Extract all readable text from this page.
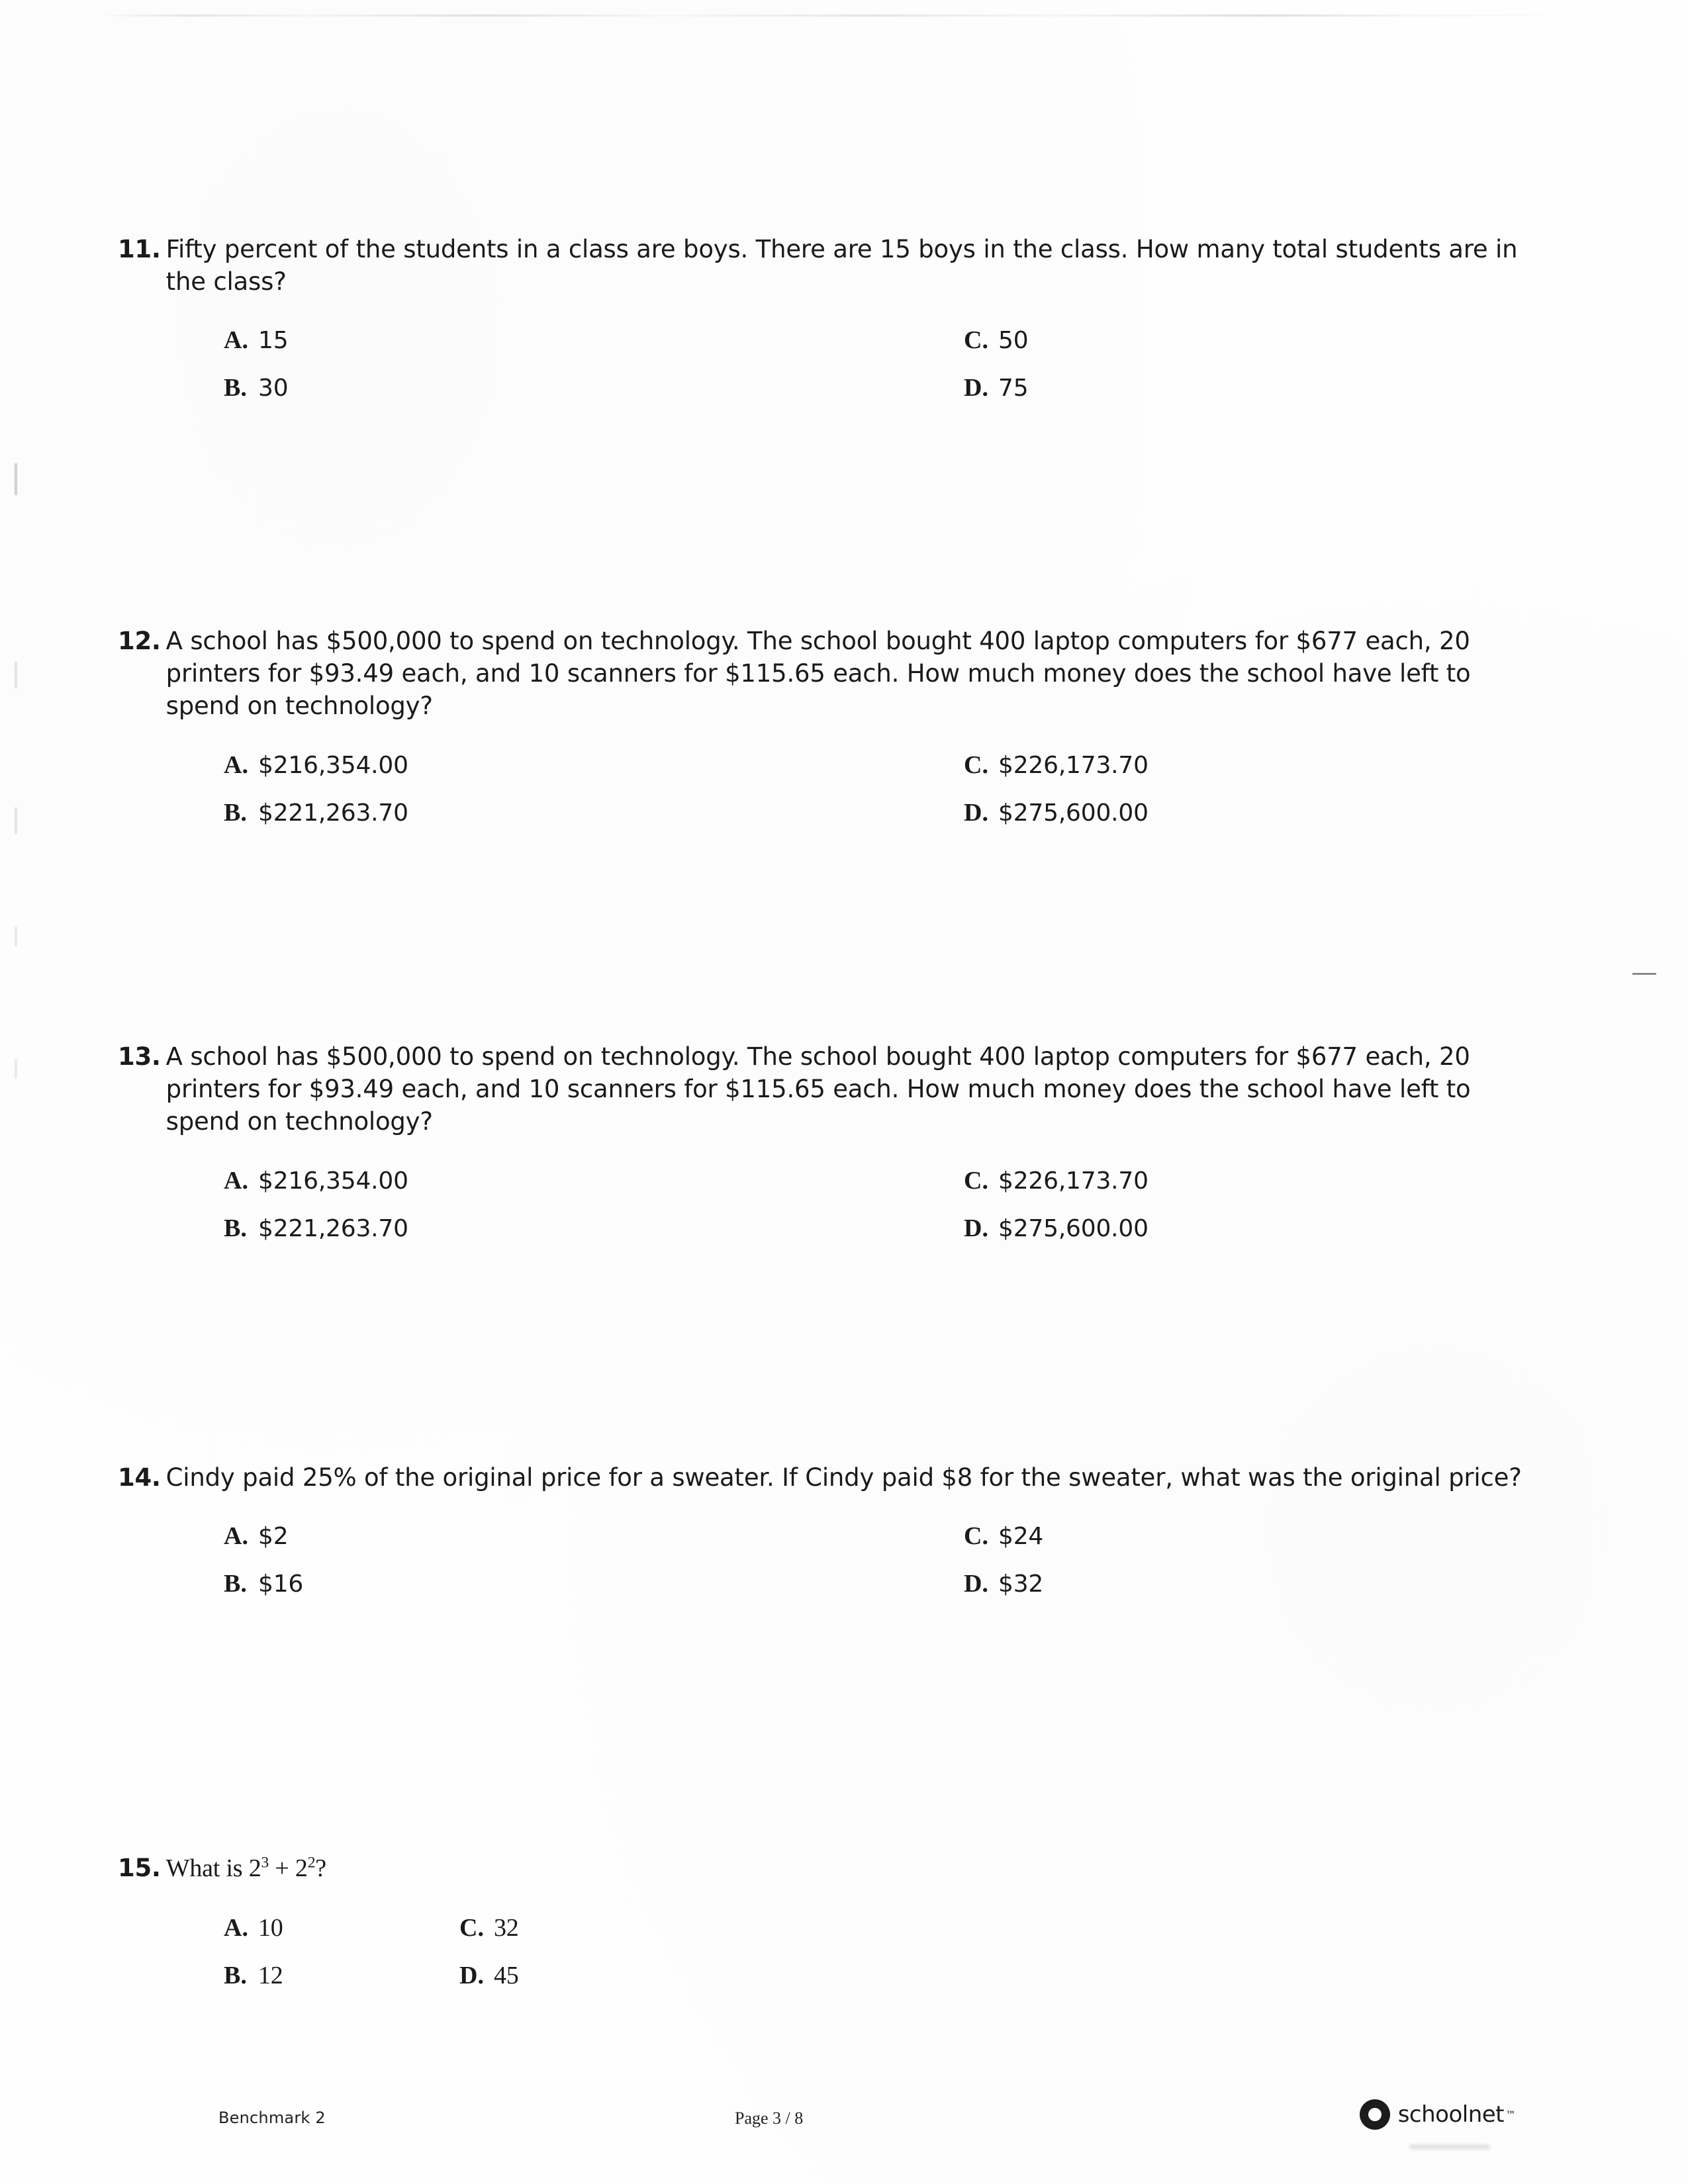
11. Fifty percent of the students in a class are boys. There are 15 boys in the class. How many total students are in the class?
A. 15
B. 30
C. 50
D. 75
12. A school has $500,000 to spend on technology. The school bought 400 laptop computers for $677 each, 20 printers for $93.49 each, and 10 scanners for $115.65 each. How much money does the school have left to spend on technology?
A. $216,354.00
B. $221,263.70
C. $226,173.70
D. $275,600.00
13. A school has $500,000 to spend on technology. The school bought 400 laptop computers for $677 each, 20 printers for $93.49 each, and 10 scanners for $115.65 each. How much money does the school have left to spend on technology?
A. $216,354.00
B. $221,263.70
C. $226,173.70
D. $275,600.00
14. Cindy paid 25% of the original price for a sweater. If Cindy paid $8 for the sweater, what was the original price?
A. $2
B. $16
C. $24
D. $32
15. What is $2^3 + 2^2$?
A. 10
B. 12
C. 32
D. 45
Benchmark 2	Page 3 / 8	schoolnet ™
